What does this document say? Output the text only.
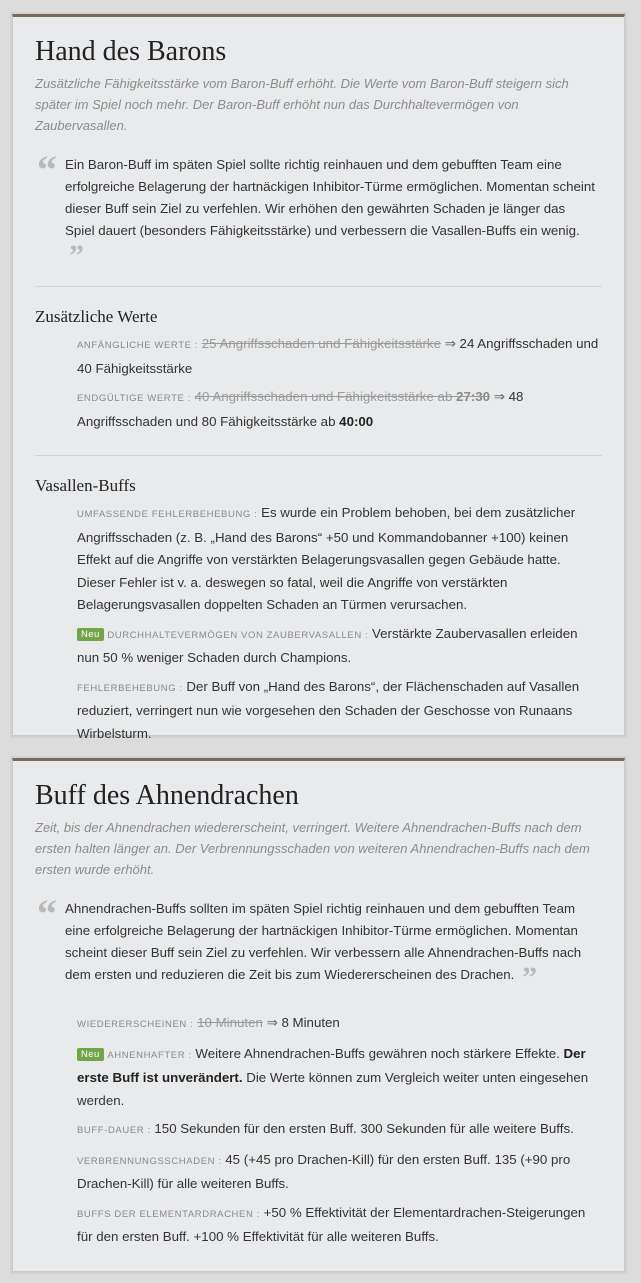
Hand des Barons

Zusätzliche Fähigkeitsstärke vom Baron-Buff erhöht. Die Werte vom Baron-Buff steigern sich später im Spiel noch mehr. Der Baron-Buff erhöht nun das Durchhaltevermögen von Zaubervasallen.

“ Ein Baron-Buff im späten Spiel sollte richtig reinhauen und dem gebufften Team eine erfolgreiche Belagerung der hartnäckigen Inhibitor-Türme ermöglichen. Momentan scheint dieser Buff sein Ziel zu verfehlen. Wir erhöhen den gewährten Schaden je länger das Spiel dauert (besonders Fähigkeitsstärke) und verbessern die Vasallen-Buffs ein wenig. ”
Zusätzliche Werte
ANFÄNGLICHE WERTE : 25 Angriffsschaden und Fähigkeitsstärke ⇒ 24 Angriffsschaden und 40 Fähigkeitsstärke
ENDGÜLTIGE WERTE : 40 Angriffsschaden und Fähigkeitsstärke ab 27:30 ⇒ 48 Angriffsschaden und 80 Fähigkeitsstärke ab 40:00
Vasallen-Buffs
UMFASSENDE FEHLERBEHEBUNG : Es wurde ein Problem behoben, bei dem zusätzlicher Angriffsschaden (z. B. „Hand des Barons“ +50 und Kommandobanner +100) keinen Effekt auf die Angriffe von verstärkten Belagerungsvasallen gegen Gebäude hatte. Dieser Fehler ist v. a. deswegen so fatal, weil die Angriffe von verstärkten Belagerungsvasallen doppelten Schaden an Türmen verursachen.
Neu DURCHHALTEVERMÖGEN VON ZAUBERVASALLEN : Verstärkte Zaubervasallen erleiden nun 50 % weniger Schaden durch Champions.
FEHLERBEHEBUNG : Der Buff von „Hand des Barons“, der Flächenschaden auf Vasallen reduziert, verringert nun wie vorgesehen den Schaden der Geschosse von Runaans Wirbelsturm.
Buff des Ahnendrachen

Zeit, bis der Ahnendrachen wiedererscheint, verringert. Weitere Ahnendrachen-Buffs nach dem ersten halten länger an. Der Verbrennungsschaden von weiteren Ahnendrachen-Buffs nach dem ersten wurde erhöht.

“ Ahnendrachen-Buffs sollten im späten Spiel richtig reinhauen und dem gebufften Team eine erfolgreiche Belagerung der hartnäckigen Inhibitor-Türme ermöglichen. Momentan scheint dieser Buff sein Ziel zu verfehlen. Wir verbessern alle Ahnendrachen-Buffs nach dem ersten und reduzieren die Zeit bis zum Wiedererscheinen des Drachen. ”
WIEDERERSCHEINEN : 10 Minuten ⇒ 8 Minuten
Neu AHNENHAFTER : Weitere Ahnendrachen-Buffs gewähren noch stärkere Effekte. Der erste Buff ist unverändert. Die Werte können zum Vergleich weiter unten eingesehen werden.
BUFF-DAUER : 150 Sekunden für den ersten Buff. 300 Sekunden für alle weitere Buffs.
VERBRENNUNGSSCHADEN : 45 (+45 pro Drachen-Kill) für den ersten Buff. 135 (+90 pro Drachen-Kill) für alle weiteren Buffs.
BUFFS DER ELEMENTARDRACHEN : +50 % Effektivität der Elementardrachen-Steigerungen für den ersten Buff. +100 % Effektivität für alle weiteren Buffs.
